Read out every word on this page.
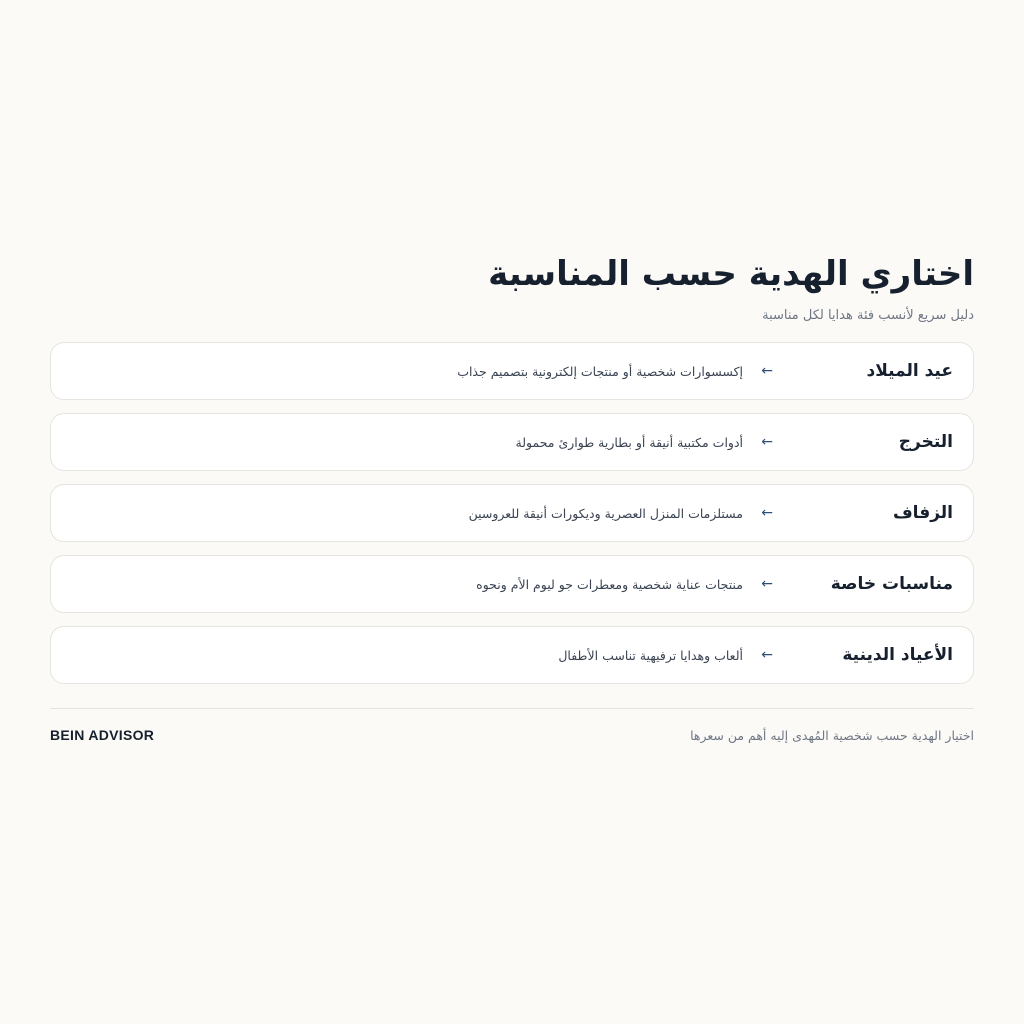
اختاري الهدية حسب المناسبة
دليل سريع لأنسب فئة هدايا لكل مناسبة
عيد الميلاد
←
إكسسوارات شخصية أو منتجات إلكترونية بتصميم جذاب
التخرج
←
أدوات مكتبية أنيقة أو بطارية طوارئ محمولة
الزفاف
←
مستلزمات المنزل العصرية وديكورات أنيقة للعروسين
مناسبات خاصة
←
منتجات عناية شخصية ومعطرات جو ليوم الأم ونحوه
الأعياد الدينية
←
ألعاب وهدايا ترفيهية تناسب الأطفال
اختيار الهدية حسب شخصية المُهدى إليه أهم من سعرها
BEIN ADVISOR
